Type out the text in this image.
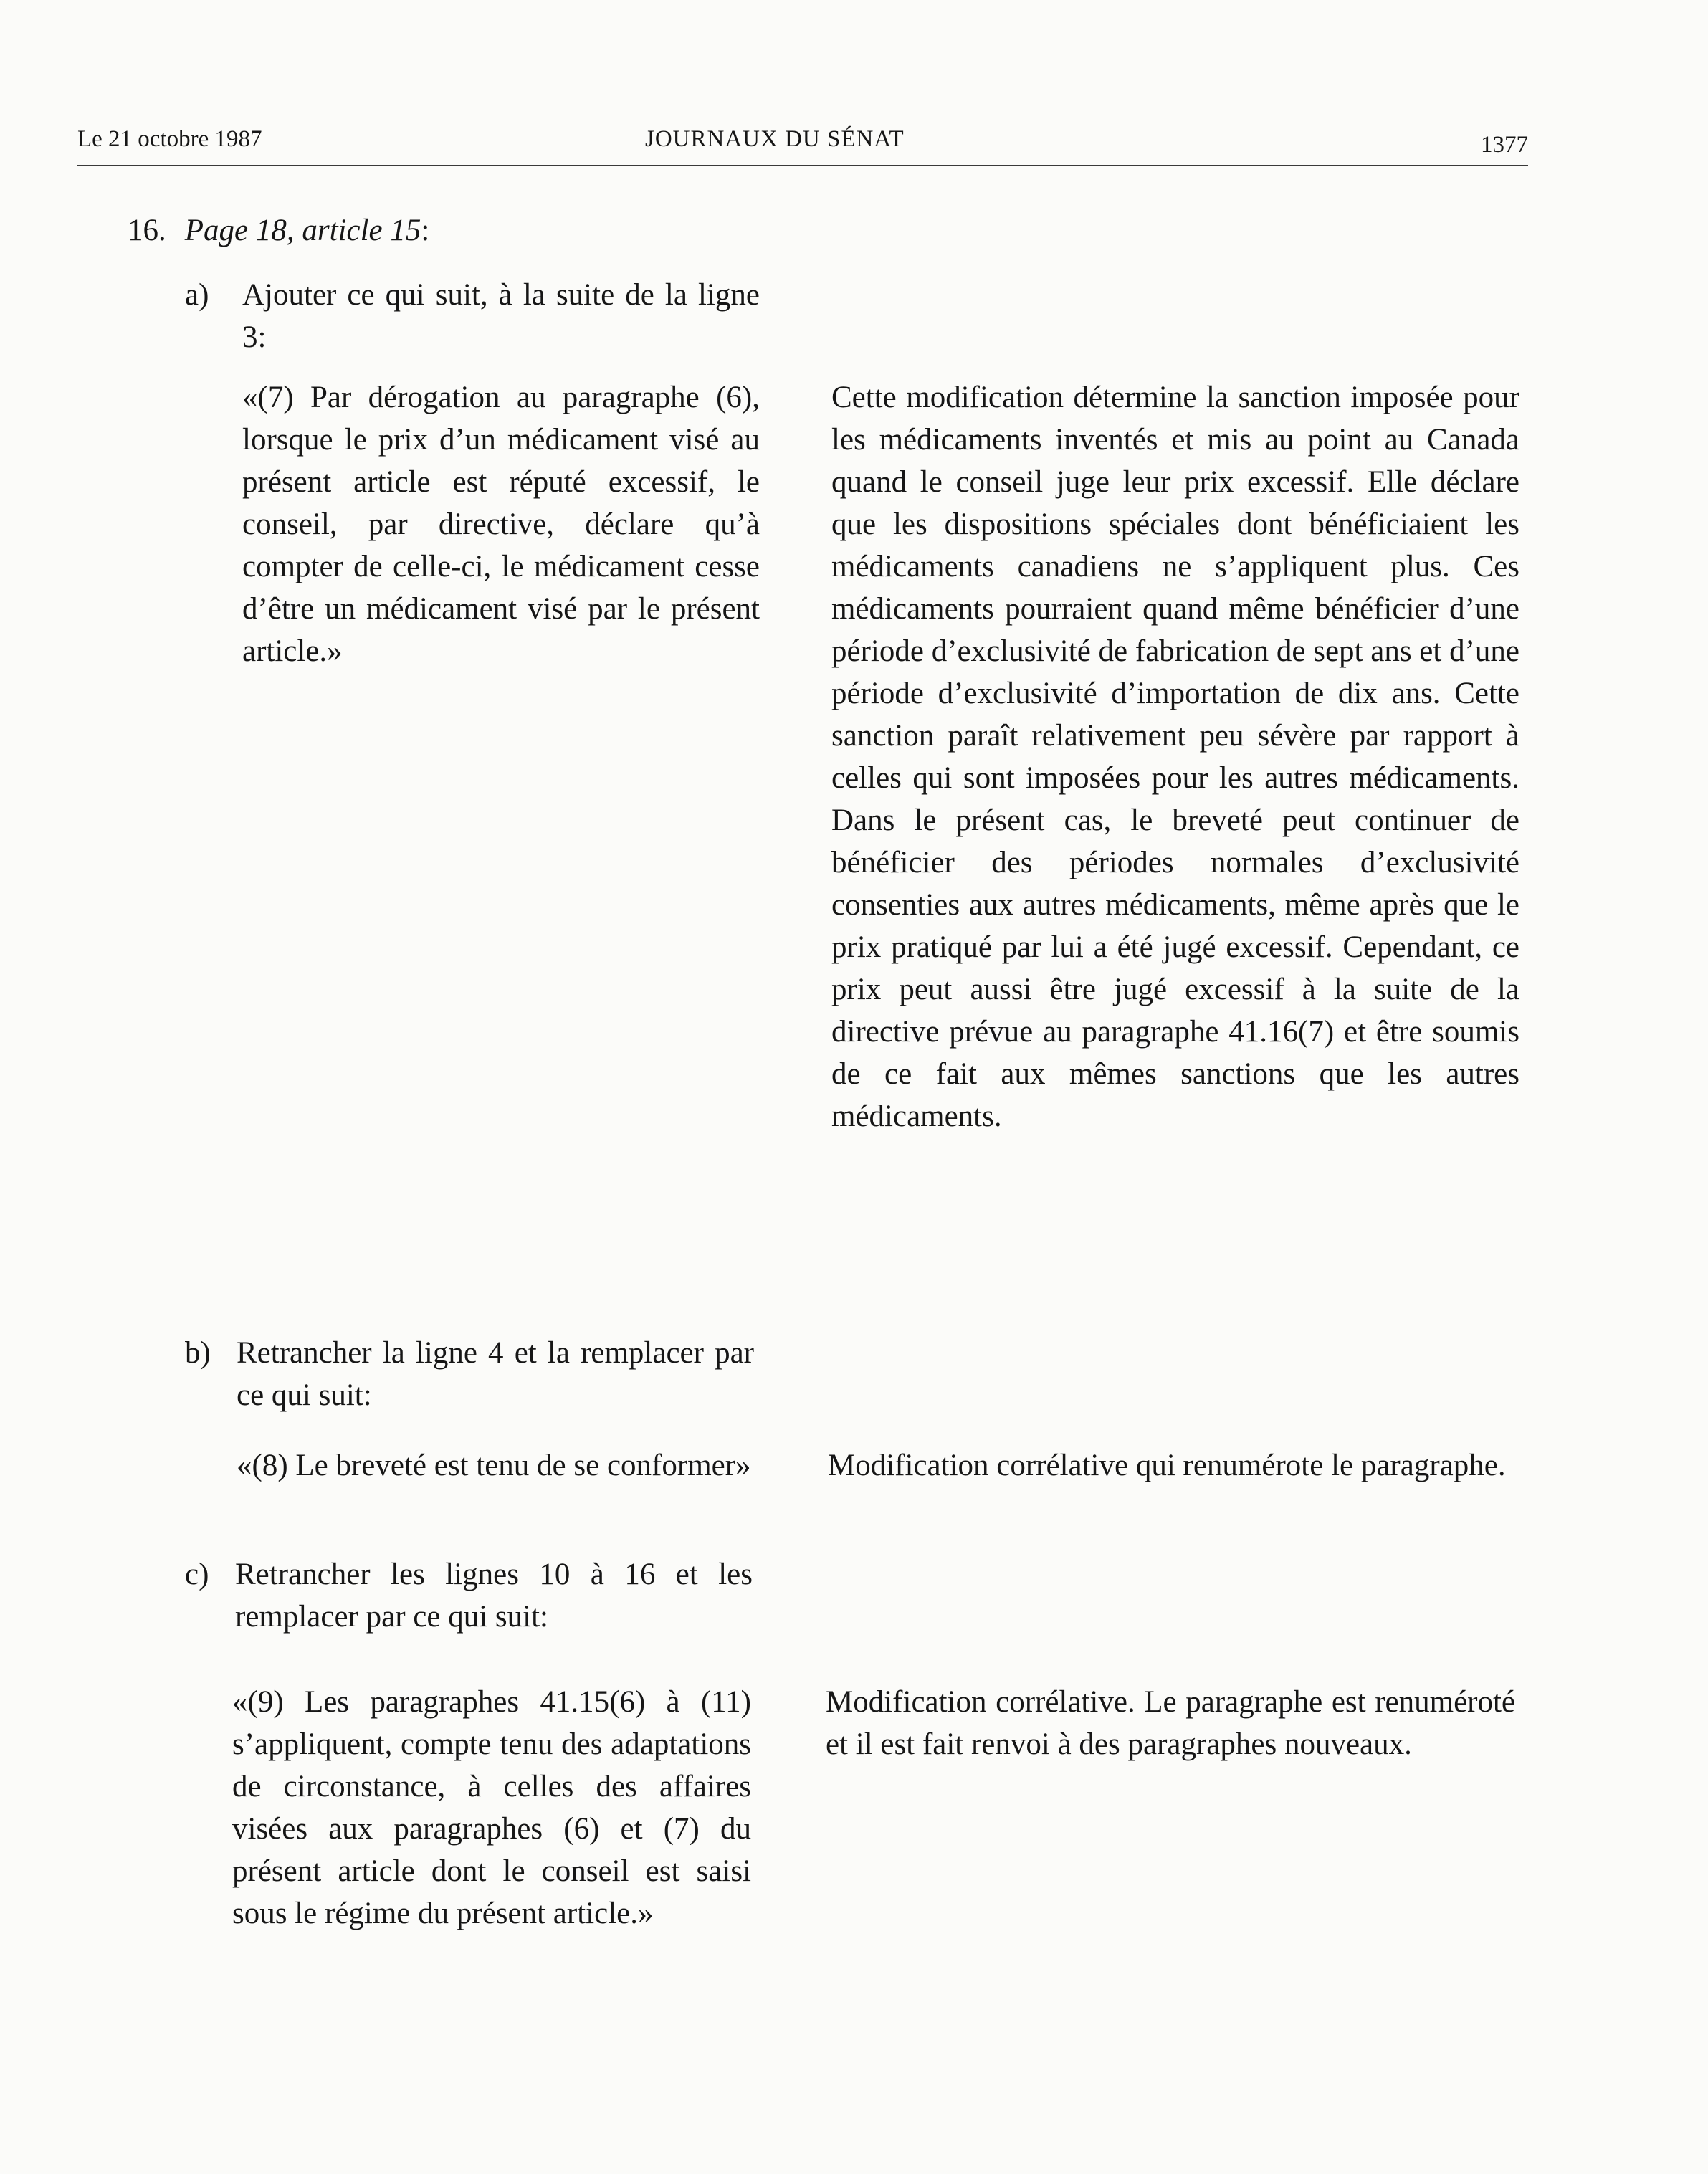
Le 21 octobre 1987	JOURNAUX DU SÉNAT	1377
16. Page 18, article 15:
a) Ajouter ce qui suit, à la suite de la ligne 3:

«(7) Par dérogation au paragraphe (6), lorsque le prix d’un médicament visé au présent article est réputé excessif, le conseil, par directive, déclare qu’à compter de celle-ci, le médicament cesse d’être un médicament visé par le présent article.»

Cette modification détermine la sanction imposée pour les médicaments inventés et mis au point au Canada quand le conseil juge leur prix excessif. Elle déclare que les dispositions spéciales dont bénéficiaient les médicaments canadiens ne s’appliquent plus. Ces médicaments pourraient quand même bénéficier d’une période d’exclusivité de fabrication de sept ans et d’une période d’exclusivité d’importation de dix ans. Cette sanction paraît relativement peu sévère par rapport à celles qui sont imposées pour les autres médicaments. Dans le présent cas, le breveté peut continuer de bénéficier des périodes normales d’exclusivité consenties aux autres médicaments, même après que le prix pratiqué par lui a été jugé excessif. Cependant, ce prix peut aussi être jugé excessif à la suite de la directive prévue au paragraphe 41.16(7) et être soumis de ce fait aux mêmes sanctions que les autres médicaments.

b) Retrancher la ligne 4 et la remplacer par ce qui suit:

«(8) Le breveté est tenu de se conformer» Modification corrélative qui renumérote le paragraphe.

c) Retrancher les lignes 10 à 16 et les remplacer par ce qui suit:

«(9) Les paragraphes 41.15(6) à (11) s’appliquent, compte tenu des adaptations de circonstance, à celles des affaires visées aux paragraphes (6) et (7) du présent article dont le conseil est saisi sous le régime du présent article.»

Modification corrélative. Le paragraphe est renuméroté et il est fait renvoi à des paragraphes nouveaux.
